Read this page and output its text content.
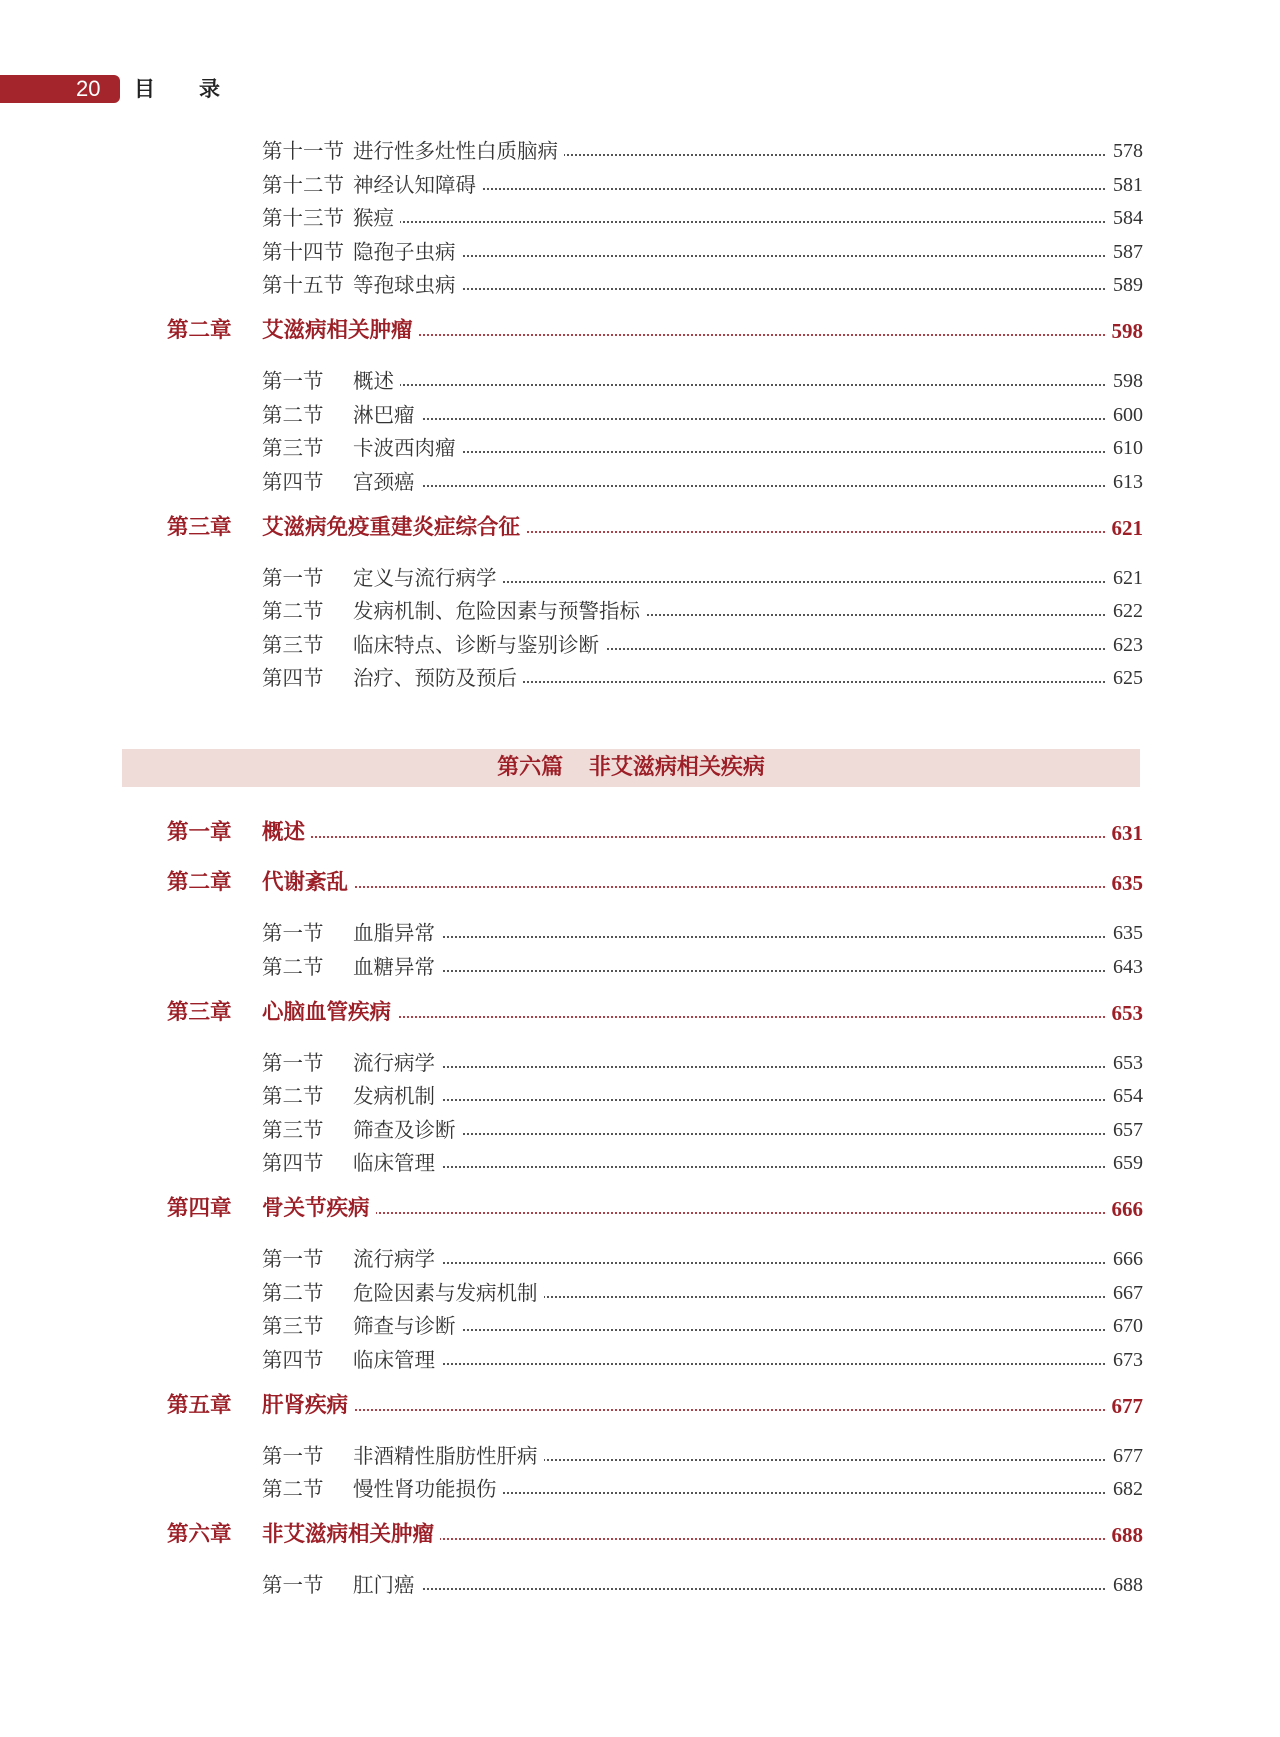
20 目录
第十一节 进行性多灶性白质脑病	578
第十二节 神经认知障碍	581
第十三节 猴痘	584
第十四节 隐孢子虫病	587
第十五节 等孢球虫病	589
第二章 艾滋病相关肿瘤	598
第一节 概述	598
第二节 淋巴瘤	600
第三节 卡波西肉瘤	610
第四节 宫颈癌	613
第三章 艾滋病免疫重建炎症综合征	621
第一节 定义与流行病学	621
第二节 发病机制、危险因素与预警指标	622
第三节 临床特点、诊断与鉴别诊断	623
第四节 治疗、预防及预后	625
第一章 概述	631
第二章 代谢紊乱	635
第一节 血脂异常	635
第二节 血糖异常	643
第三章 心脑血管疾病	653
第一节 流行病学	653
第二节 发病机制	654
第三节 筛查及诊断	657
第四节 临床管理	659
第四章 骨关节疾病	666
第一节 流行病学	666
第二节 危险因素与发病机制	667
第三节 筛查与诊断	670
第四节 临床管理	673
第五章 肝肾疾病	677
第一节 非酒精性脂肪性肝病	677
第二节 慢性肾功能损伤	682
第六章 非艾滋病相关肿瘤	688
第一节 肛门癌	688
第六篇 非艾滋病相关疾病
